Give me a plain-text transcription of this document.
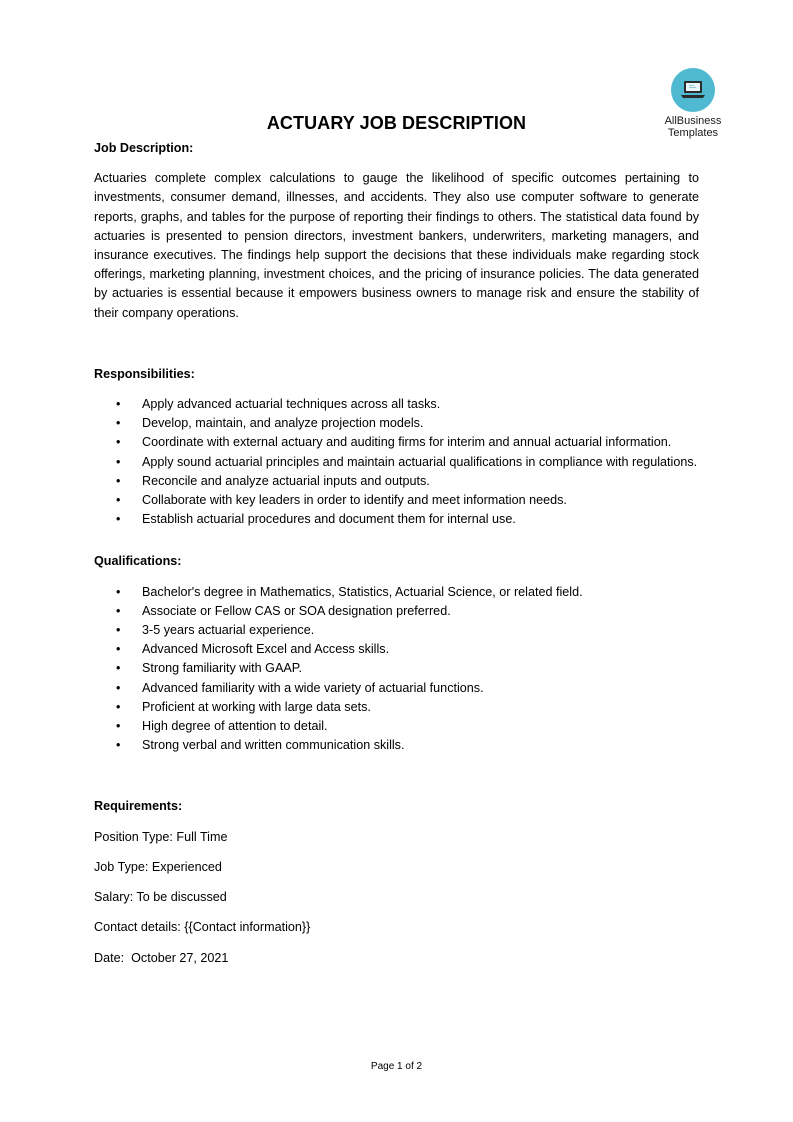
AllBusiness
Templates
ACTUARY JOB DESCRIPTION

Job Description:

Actuaries complete complex calculations to gauge the likelihood of specific outcomes pertaining to investments, consumer demand, illnesses, and accidents. They also use computer software to generate reports, graphs, and tables for the purpose of reporting their findings to others. The statistical data found by actuaries is presented to pension directors, investment bankers, underwriters, marketing managers, and insurance executives. The findings help support the decisions that these individuals make regarding stock offerings, marketing planning, investment choices, and the pricing of insurance policies. The data generated by actuaries is essential because it empowers business owners to manage risk and ensure the stability of their company operations.

Responsibilities:

• Apply advanced actuarial techniques across all tasks.
• Develop, maintain, and analyze projection models.
• Coordinate with external actuary and auditing firms for interim and annual actuarial information.
• Apply sound actuarial principles and maintain actuarial qualifications in compliance with regulations.
• Reconcile and analyze actuarial inputs and outputs.
• Collaborate with key leaders in order to identify and meet information needs.
• Establish actuarial procedures and document them for internal use.

Qualifications:

• Bachelor's degree in Mathematics, Statistics, Actuarial Science, or related field.
• Associate or Fellow CAS or SOA designation preferred.
• 3-5 years actuarial experience.
• Advanced Microsoft Excel and Access skills.
• Strong familiarity with GAAP.
• Advanced familiarity with a wide variety of actuarial functions.
• Proficient at working with large data sets.
• High degree of attention to detail.
• Strong verbal and written communication skills.

Requirements:

Position Type: Full Time

Job Type: Experienced

Salary: To be discussed

Contact details: {{Contact information}}

Date:  October 27, 2021

Page 1 of 2
